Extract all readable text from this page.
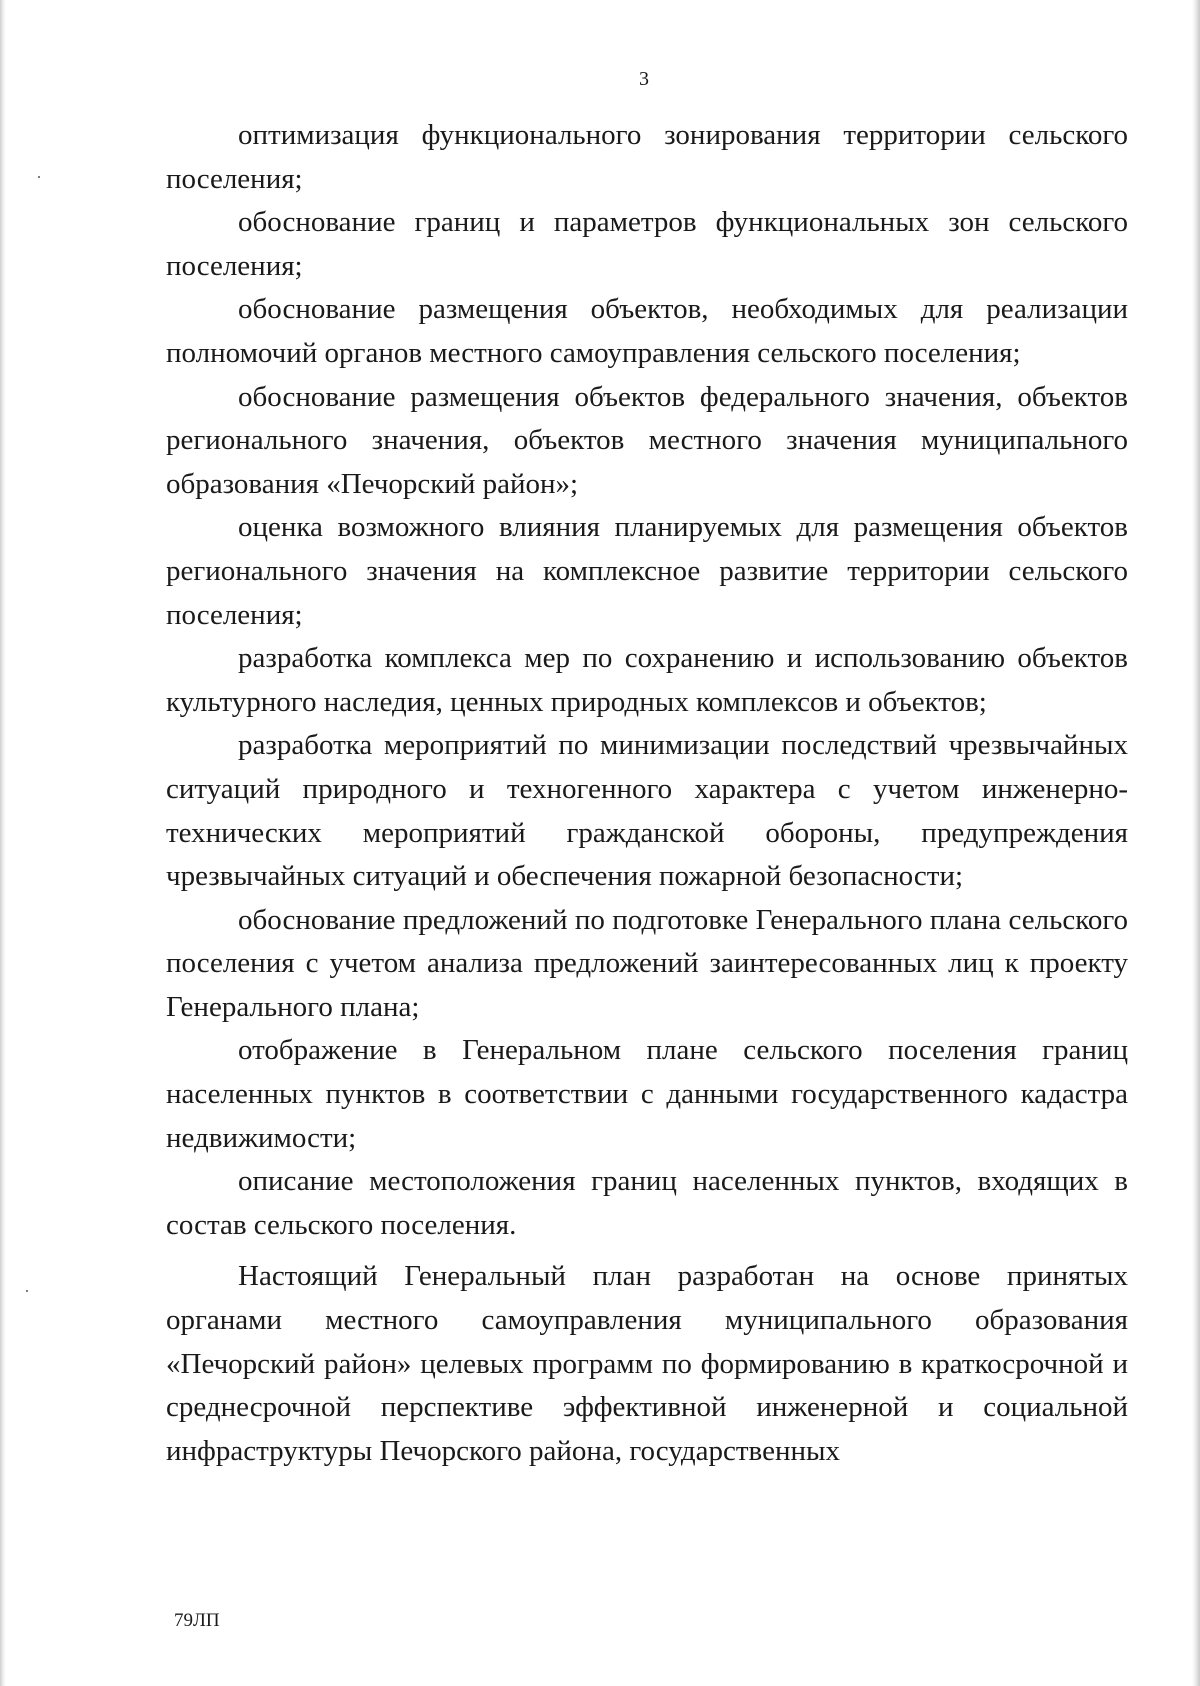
3

оптимизация функционального зонирования территории сельского поселения;

обоснование границ и параметров функциональных зон сельского поселения;

обоснование размещения объектов, необходимых для реализации полномочий органов местного самоуправления сельского поселения;

обоснование размещения объектов федерального значения, объектов регионального значения, объектов местного значения муниципального образования «Печорский район»;

оценка возможного влияния планируемых для размещения объектов регионального значения на комплексное развитие территории сельского поселения;

разработка комплекса мер по сохранению и использованию объектов культурного наследия, ценных природных комплексов и объектов;

разработка мероприятий по минимизации последствий чрезвычайных ситуаций природного и техногенного характера с учетом инженерно-технических мероприятий гражданской обороны, предупреждения чрезвычайных ситуаций и обеспечения пожарной безопасности;

обоснование предложений по подготовке Генерального плана сельского поселения с учетом анализа предложений заинтересованных лиц к проекту Генерального плана;

отображение в Генеральном плане сельского поселения границ населенных пунктов в соответствии с данными государственного кадастра недвижимости;

описание местоположения границ населенных пунктов, входящих в состав сельского поселения.

Настоящий Генеральный план разработан на основе принятых органами местного самоуправления муниципального образования «Печорский район» целевых программ по формированию в краткосрочной и среднесрочной перспективе эффективной инженерной и социальной инфраструктуры Печорского района, государственных

79ЛП
